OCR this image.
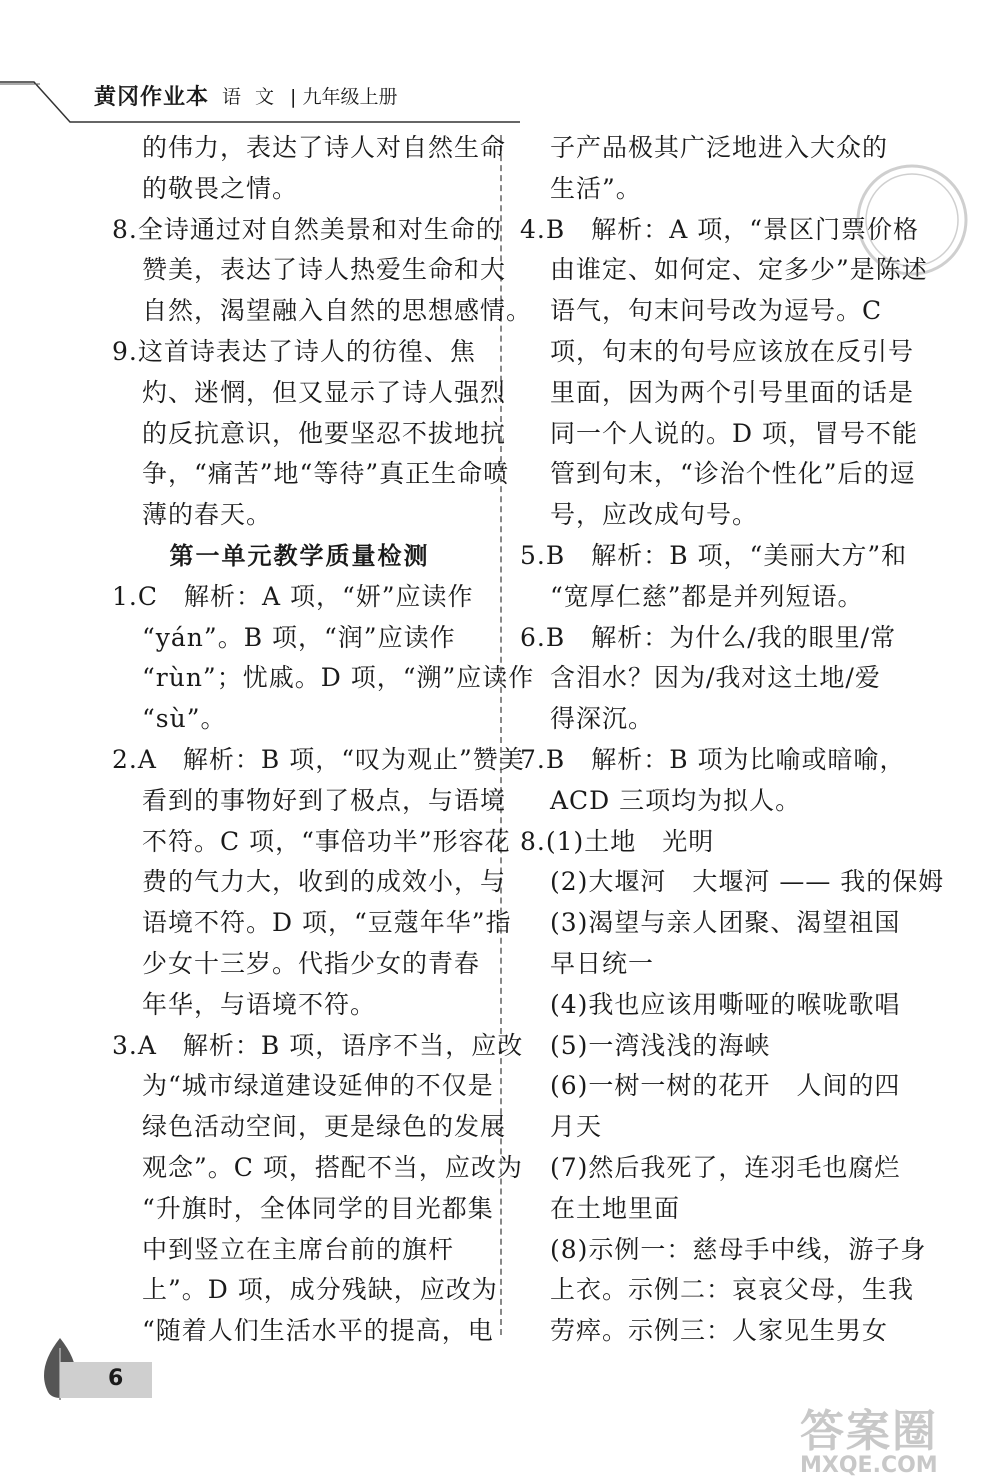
黄冈作业本 语 文 | 九年级上册
的伟力，表达了诗人对自然生命
的敬畏之情。
8.全诗通过对自然美景和对生命的
赞美，表达了诗人热爱生命和大
自然，渴望融入自然的思想感情。
9.这首诗表达了诗人的彷徨、焦
灼、迷惘，但又显示了诗人强烈
的反抗意识，他要坚忍不拔地抗
争，“痛苦”地“等待”真正生命喷
薄的春天。
第一单元教学质量检测
1.C　解析：A 项，“妍”应读作
“yán”。B 项，“润”应读作
“rùn”；忧戚。D 项，“溯”应读作
“sù”。
2.A　解析：B 项，“叹为观止”赞美
看到的事物好到了极点，与语境
不符。C 项，“事倍功半”形容花
费的气力大，收到的成效小，与
语境不符。D 项，“豆蔻年华”指
少女十三岁。代指少女的青春
年华，与语境不符。
3.A　解析：B 项，语序不当，应改
为“城市绿道建设延伸的不仅是
绿色活动空间，更是绿色的发展
观念”。C 项，搭配不当，应改为
“升旗时，全体同学的目光都集
中到竖立在主席台前的旗杆
上”。D 项，成分残缺，应改为
“随着人们生活水平的提高，电
子产品极其广泛地进入大众的
生活”。
4.B　解析：A 项，“景区门票价格
由谁定、如何定、定多少”是陈述
语气，句末问号改为逗号。C
项，句末的句号应该放在反引号
里面，因为两个引号里面的话是
同一个人说的。D 项，冒号不能
管到句末，“诊治个性化”后的逗
号，应改成句号。
5.B　解析：B 项，“美丽大方”和
“宽厚仁慈”都是并列短语。
6.B　解析：为什么/我的眼里/常
含泪水？因为/我对这土地/爱
得深沉。
7.B　解析：B 项为比喻或暗喻，
ACD 三项均为拟人。
8.(1)土地　光明
(2)大堰河　大堰河 —— 我的保姆
(3)渴望与亲人团聚、渴望祖国
早日统一
(4)我也应该用嘶哑的喉咙歌唱
(5)一湾浅浅的海峡
(6)一树一树的花开　人间的四
月天
(7)然后我死了，连羽毛也腐烂
在土地里面
(8)示例一：慈母手中线，游子身
上衣。示例二：哀哀父母，生我
劳瘁。示例三：人家见生男女
6
答案圈
MXQE.COM
